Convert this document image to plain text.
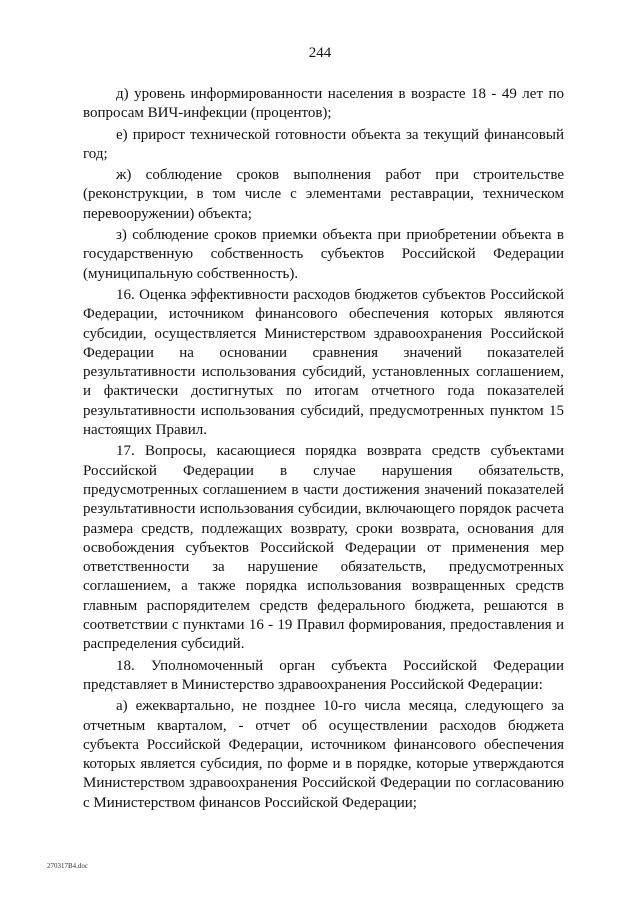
244

д) уровень информированности населения в возрасте 18 - 49 лет по вопросам ВИЧ-инфекции (процентов);

е) прирост технической готовности объекта за текущий финансовый год;

ж) соблюдение сроков выполнения работ при строительстве (реконструкции, в том числе с элементами реставрации, техническом перевооружении) объекта;

з) соблюдение сроков приемки объекта при приобретении объекта в государственную собственность субъектов Российской Федерации (муниципальную собственность).

16. Оценка эффективности расходов бюджетов субъектов Российской Федерации, источником финансового обеспечения которых являются субсидии, осуществляется Министерством здравоохранения Российской Федерации на основании сравнения значений показателей результативности использования субсидий, установленных соглашением, и фактически достигнутых по итогам отчетного года показателей результативности использования субсидий, предусмотренных пунктом 15 настоящих Правил.

17. Вопросы, касающиеся порядка возврата средств субъектами Российской Федерации в случае нарушения обязательств, предусмотренных соглашением в части достижения значений показателей результативности использования субсидии, включающего порядок расчета размера средств, подлежащих возврату, сроки возврата, основания для освобождения субъектов Российской Федерации от применения мер ответственности за нарушение обязательств, предусмотренных соглашением, а также порядка использования возвращенных средств главным распорядителем средств федерального бюджета, решаются в соответствии с пунктами 16 - 19 Правил формирования, предоставления и распределения субсидий.

18. Уполномоченный орган субъекта Российской Федерации представляет в Министерство здравоохранения Российской Федерации:

а) ежеквартально, не позднее 10-го числа месяца, следующего за отчетным кварталом, - отчет об осуществлении расходов бюджета субъекта Российской Федерации, источником финансового обеспечения которых является субсидия, по форме и в порядке, которые утверждаются Министерством здравоохранения Российской Федерации по согласованию с Министерством финансов Российской Федерации;

270317B4.doc
